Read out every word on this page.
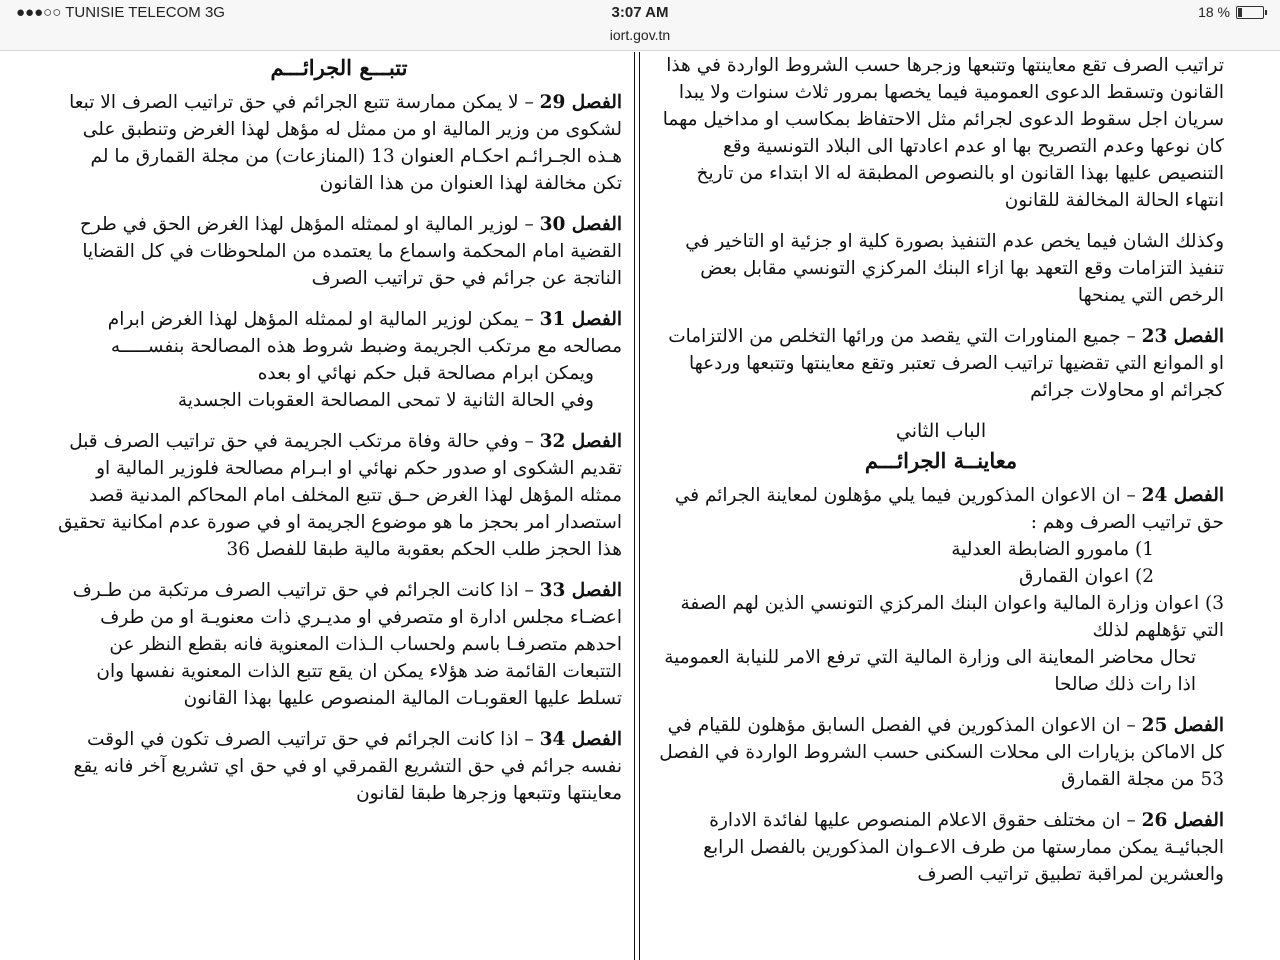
●●●○○ TUNISIE TELECOM 3G	3:07 AM	18 %
iort.gov.tn

تراتيب الصرف تقع معاينتها وتتبعها وزجرها حسب الشروط الواردة في هذا القانون وتسقط الدعوى العمومية فيما يخصها بمرور ثلاث سنوات ولا يبدا سريان اجل سقوط الدعوى لجرائم مثل الاحتفاظ بمكاسب او مداخيل مهما كان نوعها وعدم التصريح بها او عدم اعادتها الى البلاد التونسية وقع التنصيص عليها بهذا القانون او بالنصوص المطبقة له الا ابتداء من تاريخ انتهاء الحالة المخالفة للقانون

وكذلك الشان فيما يخص عدم التنفيذ بصورة كلية او جزئية او التاخير في تنفيذ التزامات وقع التعهد بها ازاء البنك المركزي التونسي مقابل بعض الرخص التي يمنحها

الفصل 23 – جميع المناورات التي يقصد من ورائها التخلص من الالتزامات او الموانع التي تقضيها تراتيب الصرف تعتبر وتقع معاينتها وتتبعها وردعها كجرائم او محاولات جرائم

الباب الثاني
معاينــة الجرائـــم

الفصل 24 – ان الاعوان المذكورين فيما يلي مؤهلون لمعاينة الجرائم في حق تراتيب الصرف وهم :

1) مامورو الضابطة العدلية
2) اعوان القمارق
3) اعوان وزارة المالية واعوان البنك المركزي التونسي الذين لهم الصفة التي تؤهلهم لذلك

تحال محاضر المعاينة الى وزارة المالية التي ترفع الامر للنيابة العمومية اذا رات ذلك صالحا

الفصل 25 – ان الاعوان المذكورين في الفصل السابق مؤهلون للقيام في كل الاماكن بزيارات الى محلات السكنى حسب الشروط الواردة في الفصل 53 من مجلة القمارق

الفصل 26 – ان مختلف حقوق الاعلام المنصوص عليها لفائدة الادارة الجبائيـة يمكن ممارستها من طرف الاعـوان المذكورين بالفصل الرابع والعشرين لمراقبة تطبيق تراتيب الصرف

تتبـــع الجرائـــم

الفصل 29 – لا يمكن ممارسة تتبع الجرائم في حق تراتيب الصرف الا تبعا لشكوى من وزير المالية او من ممثل له مؤهل لهذا الغرض وتنطبق على هـذه الجـرائـم احكـام العنوان 13 (المنازعات) من مجلة القمارق ما لم تكن مخالفة لهذا العنوان من هذا القانون

الفصل 30 – لوزير المالية او لممثله المؤهل لهذا الغرض الحق في طرح القضية امام المحكمة واسماع ما يعتمده من الملحوظات في كل القضايا الناتجة عن جرائم في حق تراتيب الصرف

الفصل 31 – يمكن لوزير المالية او لممثله المؤهل لهذا الغرض ابرام مصالحه مع مرتكب الجريمة وضبط شروط هذه المصالحة بنفســـــه

ويمكن ابرام مصالحة قبل حكم نهائي او بعده

وفي الحالة الثانية لا تمحى المصالحة العقوبات الجسدية

الفصل 32 – وفي حالة وفاة مرتكب الجريمة في حق تراتيب الصرف قبل تقديم الشكوى او صدور حكم نهائي او ابـرام مصالحة فلوزير المالية او ممثله المؤهل لهذا الغرض حـق تتبع المخلف امام المحاكم المدنية قصد استصدار امر بحجز ما هو موضوع الجريمة او في صورة عدم امكانية تحقيق هذا الحجز طلب الحكم بعقوبة مالية طبقا للفصل 36

الفصل 33 – اذا كانت الجرائم في حق تراتيب الصرف مرتكبة من طـرف اعضـاء مجلس ادارة او متصرفي او مديـري ذات معنويـة او من طرف احدهم متصرفـا باسم ولحساب الـذات المعنوية فانه بقطع النظر عن التتبعات القائمة ضد هؤلاء يمكن ان يقع تتبع الذات المعنوية نفسها وان تسلط عليها العقوبـات المالية المنصوص عليها بهذا القانون

الفصل 34 – اذا كانت الجرائم في حق تراتيب الصرف تكون في الوقت نفسه جرائم في حق التشريع القمرقي او في حق اي تشريع آخر فانه يقع معاينتها وتتبعها وزجرها طبقا لقانون
